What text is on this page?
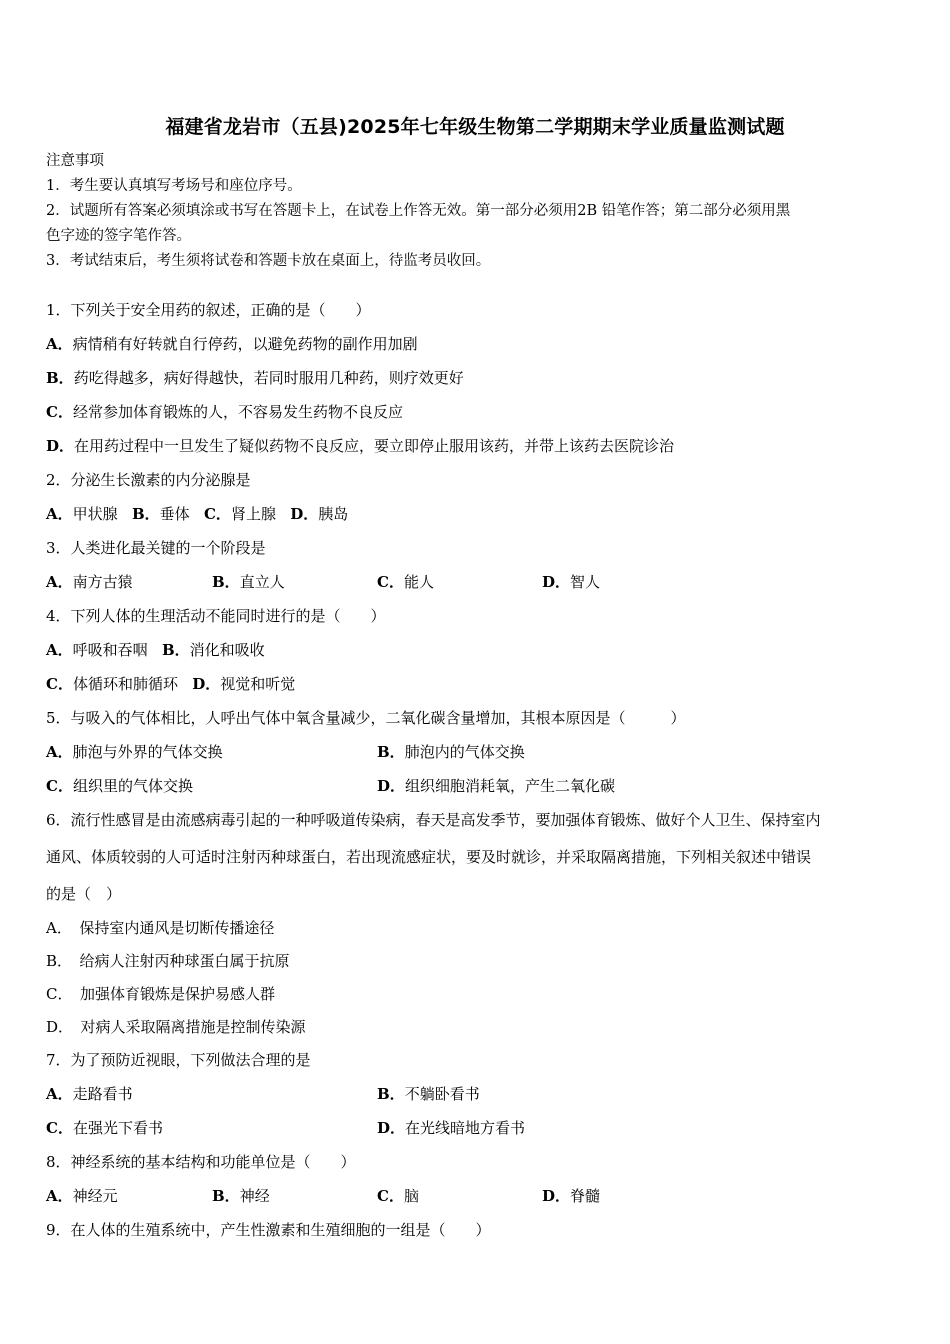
福建省龙岩市（五县)2025年七年级生物第二学期期末学业质量监测试题
注意事项
1．考生要认真填写考场号和座位序号。
2．试题所有答案必须填涂或书写在答题卡上，在试卷上作答无效。第一部分必须用2B 铅笔作答；第二部分必须用黑
色字迹的签字笔作答。
3．考试结束后，考生须将试卷和答题卡放在桌面上，待监考员收回。
1．下列关于安全用药的叙述，正确的是（　　）
A．病情稍有好转就自行停药，以避免药物的副作用加剧
B．药吃得越多，病好得越快，若同时服用几种药，则疗效更好
C．经常参加体育锻炼的人，不容易发生药物不良反应
D．在用药过程中一旦发生了疑似药物不良反应，要立即停止服用该药，并带上该药去医院诊治
2．分泌生长激素的内分泌腺是
A．甲状腺 B．垂体 C．肾上腺 D．胰岛
3．人类进化最关键的一个阶段是
A．南方古猿	B．直立人	C．能人	D．智人
4．下列人体的生理活动不能同时进行的是（　　）
A．呼吸和吞咽 B．消化和吸收
C．体循环和肺循环 D．视觉和听觉
5．与吸入的气体相比，人呼出气体中氧含量减少，二氧化碳含量增加，其根本原因是（　　　）
A．肺泡与外界的气体交换	B．肺泡内的气体交换
C．组织里的气体交换	D．组织细胞消耗氧，产生二氧化碳
6．流行性感冒是由流感病毒引起的一种呼吸道传染病，春天是高发季节，要加强体育锻炼、做好个人卫生、保持室内
通风、体质较弱的人可适时注射丙种球蛋白，若出现流感症状，要及时就诊，并采取隔离措施，下列相关叙述中错误
的是（　）
A．　保持室内通风是切断传播途径
B．　给病人注射丙种球蛋白属于抗原
C．　加强体育锻炼是保护易感人群
D．　对病人采取隔离措施是控制传染源
7．为了预防近视眼，下列做法合理的是
A．走路看书	B．不躺卧看书
C．在强光下看书	D．在光线暗地方看书
8．神经系统的基本结构和功能单位是（　　）
A．神经元	B．神经	C．脑	D．脊髓
9．在人体的生殖系统中，产生性激素和生殖细胞的一组是（　　）
